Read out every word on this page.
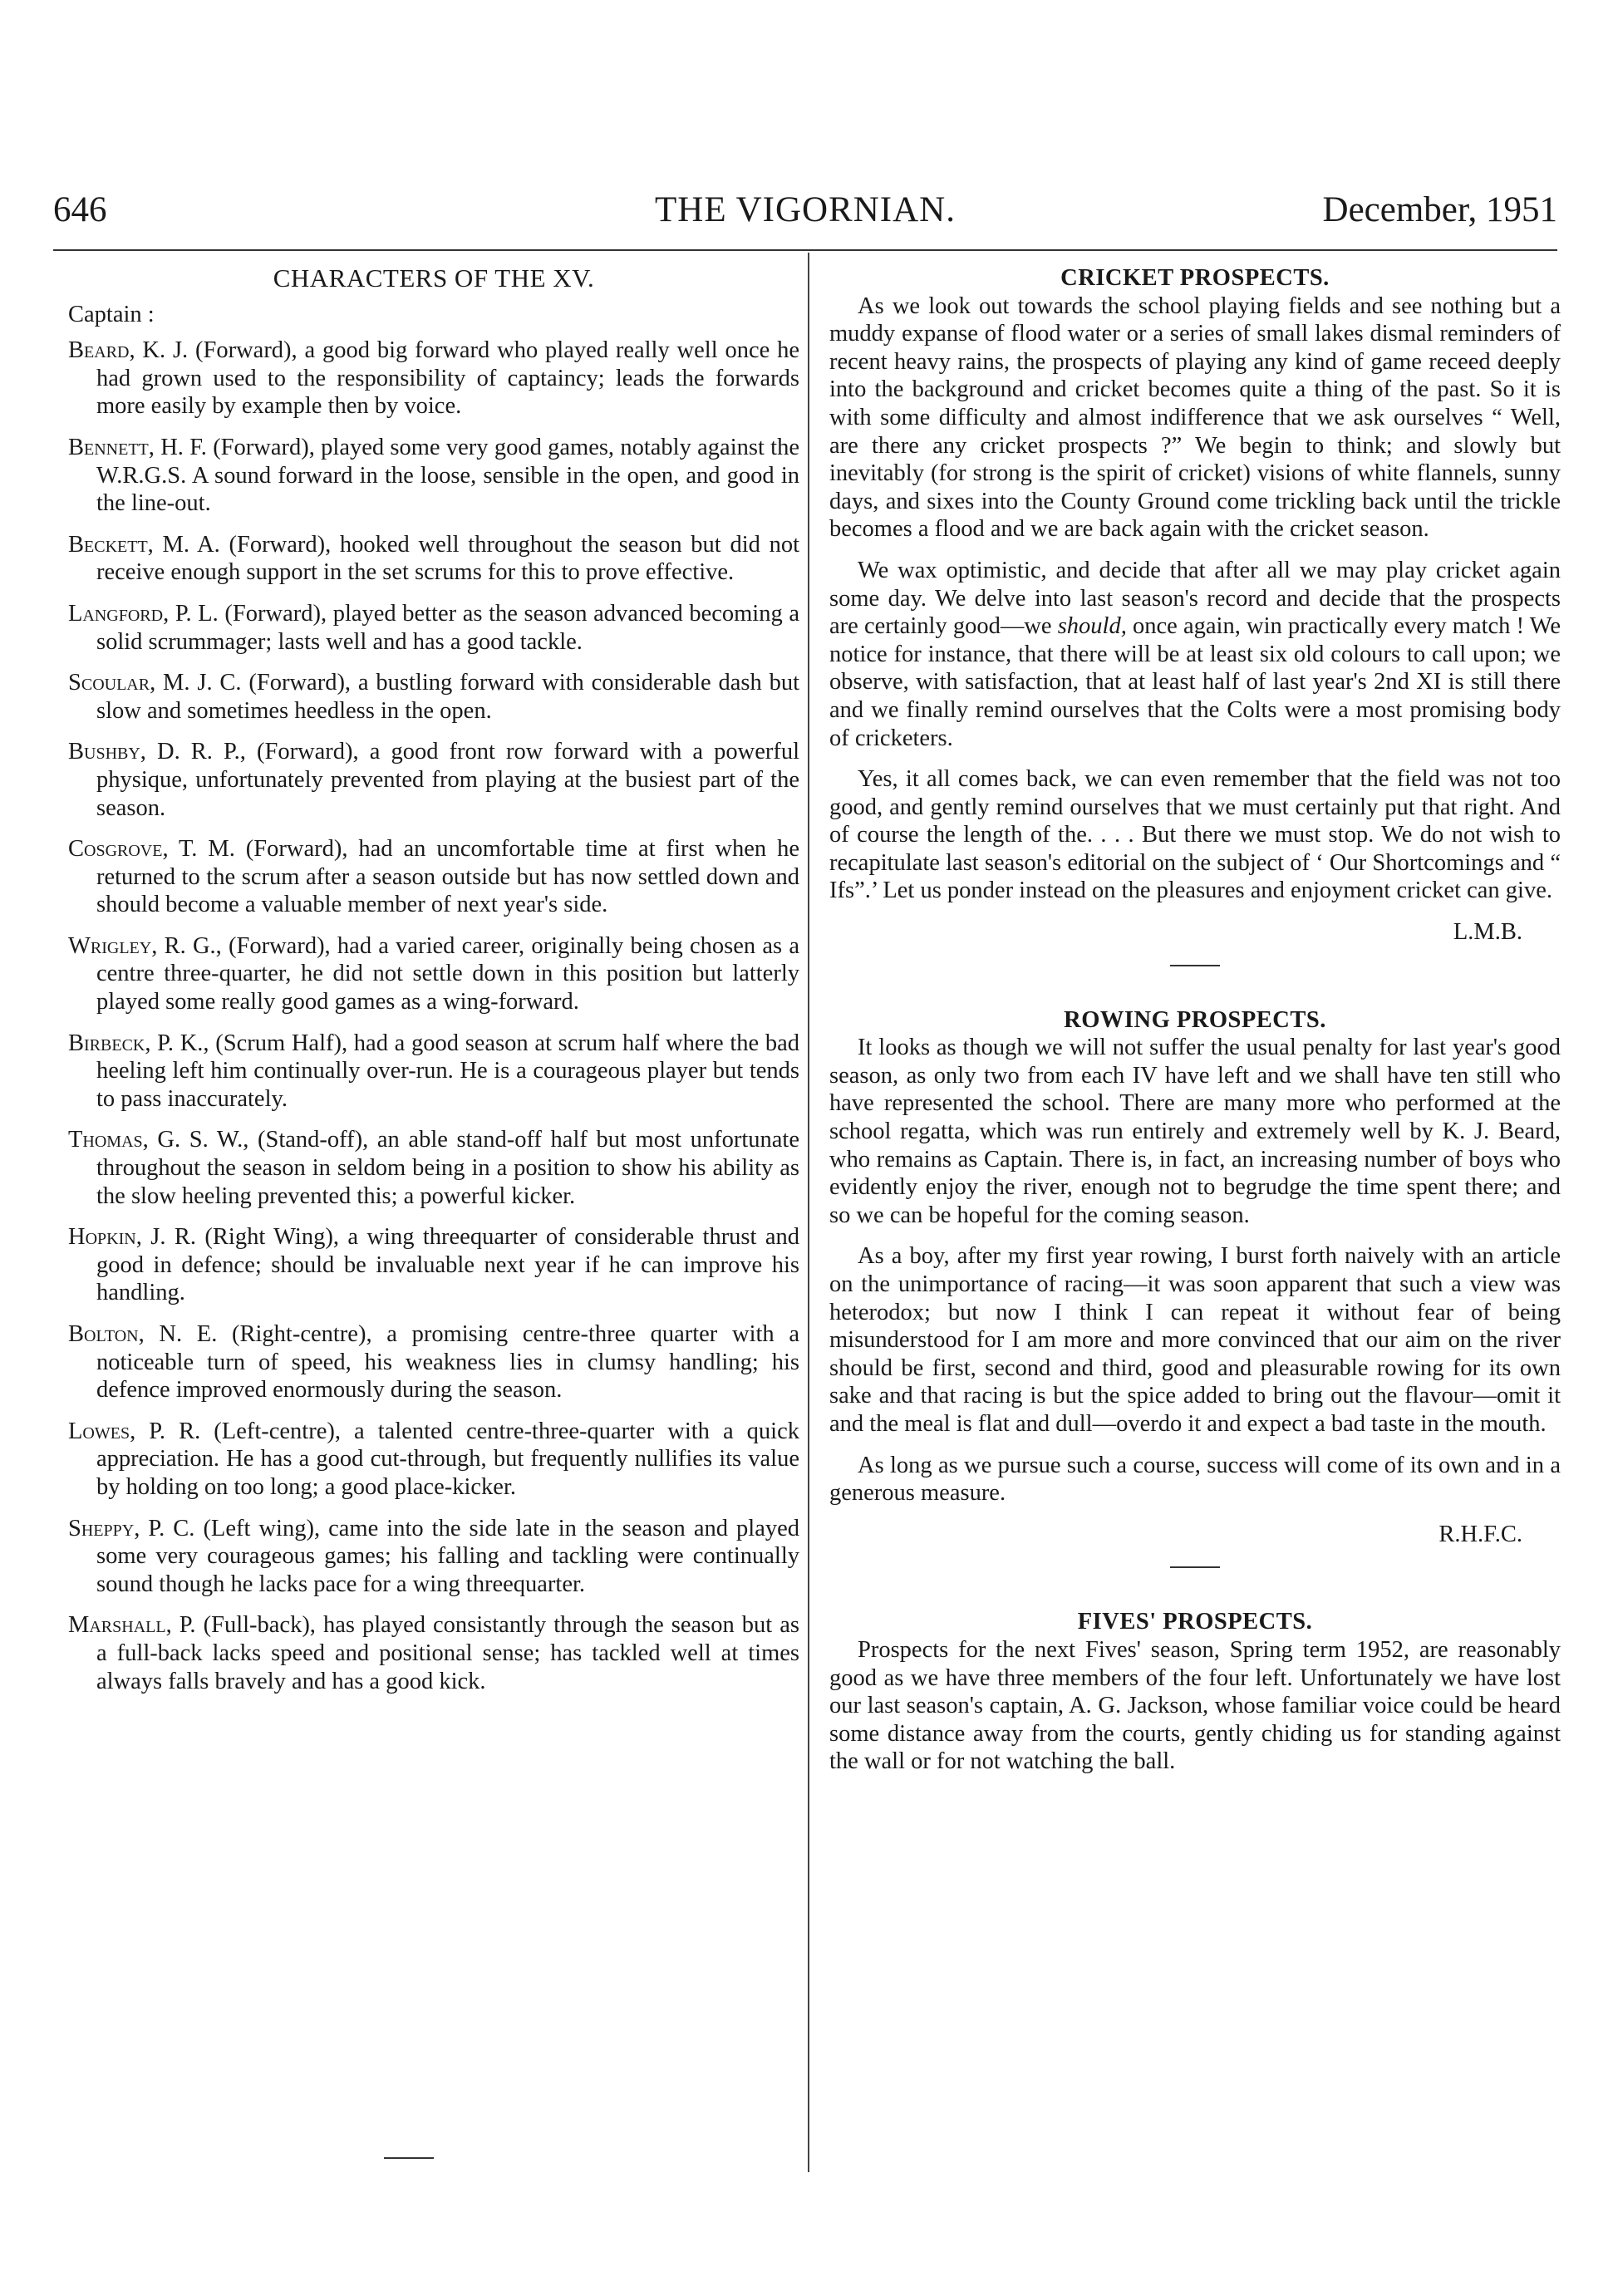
646	THE VIGORNIAN.	December, 1951
CHARACTERS OF THE XV.
Captain :
Beard, K. J. (Forward), a good big forward who played really well once he had grown used to the responsibility of captaincy; leads the forwards more easily by example then by voice.
Bennett, H. F. (Forward), played some very good games, notably against the W.R.G.S. A sound forward in the loose, sensible in the open, and good in the line-out.
Beckett, M. A. (Forward), hooked well throughout the season but did not receive enough support in the set scrums for this to prove effective.
Langford, P. L. (Forward), played better as the season advanced becoming a solid scrummager; lasts well and has a good tackle.
Scoular, M. J. C. (Forward), a bustling forward with considerable dash but slow and sometimes heedless in the open.
Bushby, D. R. P., (Forward), a good front row forward with a powerful physique, unfortunately prevented from playing at the busiest part of the season.
Cosgrove, T. M. (Forward), had an uncomfortable time at first when he returned to the scrum after a season outside but has now settled down and should become a valuable member of next year's side.
Wrigley, R. G., (Forward), had a varied career, originally being chosen as a centre three-quarter, he did not settle down in this position but latterly played some really good games as a wing-forward.
Birbeck, P. K., (Scrum Half), had a good season at scrum half where the bad heeling left him continually over-run. He is a courageous player but tends to pass inaccurately.
Thomas, G. S. W., (Stand-off), an able stand-off half but most unfortunate throughout the season in seldom being in a position to show his ability as the slow heeling prevented this; a powerful kicker.
Hopkin, J. R. (Right Wing), a wing threequarter of considerable thrust and good in defence; should be invaluable next year if he can improve his handling.
Bolton, N. E. (Right-centre), a promising centre-three quarter with a noticeable turn of speed, his weakness lies in clumsy handling; his defence improved enormously during the season.
Lowes, P. R. (Left-centre), a talented centre-three-quarter with a quick appreciation. He has a good cut-through, but frequently nullifies its value by holding on too long; a good place-kicker.
Sheppy, P. C. (Left wing), came into the side late in the season and played some very courageous games; his falling and tackling were continually sound though he lacks pace for a wing threequarter.
Marshall, P. (Full-back), has played consistantly through the season but as a full-back lacks speed and positional sense; has tackled well at times always falls bravely and has a good kick.
CRICKET PROSPECTS.

As we look out towards the school playing fields and see nothing but a muddy expanse of flood water or a series of small lakes dismal reminders of recent heavy rains, the prospects of playing any kind of game receed deeply into the background and cricket becomes quite a thing of the past. So it is with some difficulty and almost indifference that we ask ourselves “ Well, are there any cricket prospects ?” We begin to think; and slowly but inevitably (for strong is the spirit of cricket) visions of white flannels, sunny days, and sixes into the County Ground come trickling back until the trickle becomes a flood and we are back again with the cricket season.

We wax optimistic, and decide that after all we may play cricket again some day. We delve into last season's record and decide that the prospects are certainly good—we should, once again, win practically every match ! We notice for instance, that there will be at least six old colours to call upon; we observe, with satisfaction, that at least half of last year's 2nd XI is still there and we finally remind ourselves that the Colts were a most promising body of cricketers.

Yes, it all comes back, we can even remember that the field was not too good, and gently remind ourselves that we must certainly put that right. And of course the length of the. . . . But there we must stop. We do not wish to recapitulate last season's editorial on the subject of ‘ Our Shortcomings and “ Ifs”.’ Let us ponder instead on the pleasures and enjoyment cricket can give.

L.M.B.
ROWING PROSPECTS.

It looks as though we will not suffer the usual penalty for last year's good season, as only two from each IV have left and we shall have ten still who have represented the school. There are many more who performed at the school regatta, which was run entirely and extremely well by K. J. Beard, who remains as Captain. There is, in fact, an increasing number of boys who evidently enjoy the river, enough not to begrudge the time spent there; and so we can be hopeful for the coming season.

As a boy, after my first year rowing, I burst forth naively with an article on the unimportance of racing—it was soon apparent that such a view was heterodox; but now I think I can repeat it without fear of being misunderstood for I am more and more convinced that our aim on the river should be first, second and third, good and pleasurable rowing for its own sake and that racing is but the spice added to bring out the flavour—omit it and the meal is flat and dull—overdo it and expect a bad taste in the mouth.

As long as we pursue such a course, success will come of its own and in a generous measure.

R.H.F.C.
FIVES' PROSPECTS.

Prospects for the next Fives' season, Spring term 1952, are reasonably good as we have three members of the four left. Unfortunately we have lost our last season's captain, A. G. Jackson, whose familiar voice could be heard some distance away from the courts, gently chiding us for standing against the wall or for not watching the ball.
